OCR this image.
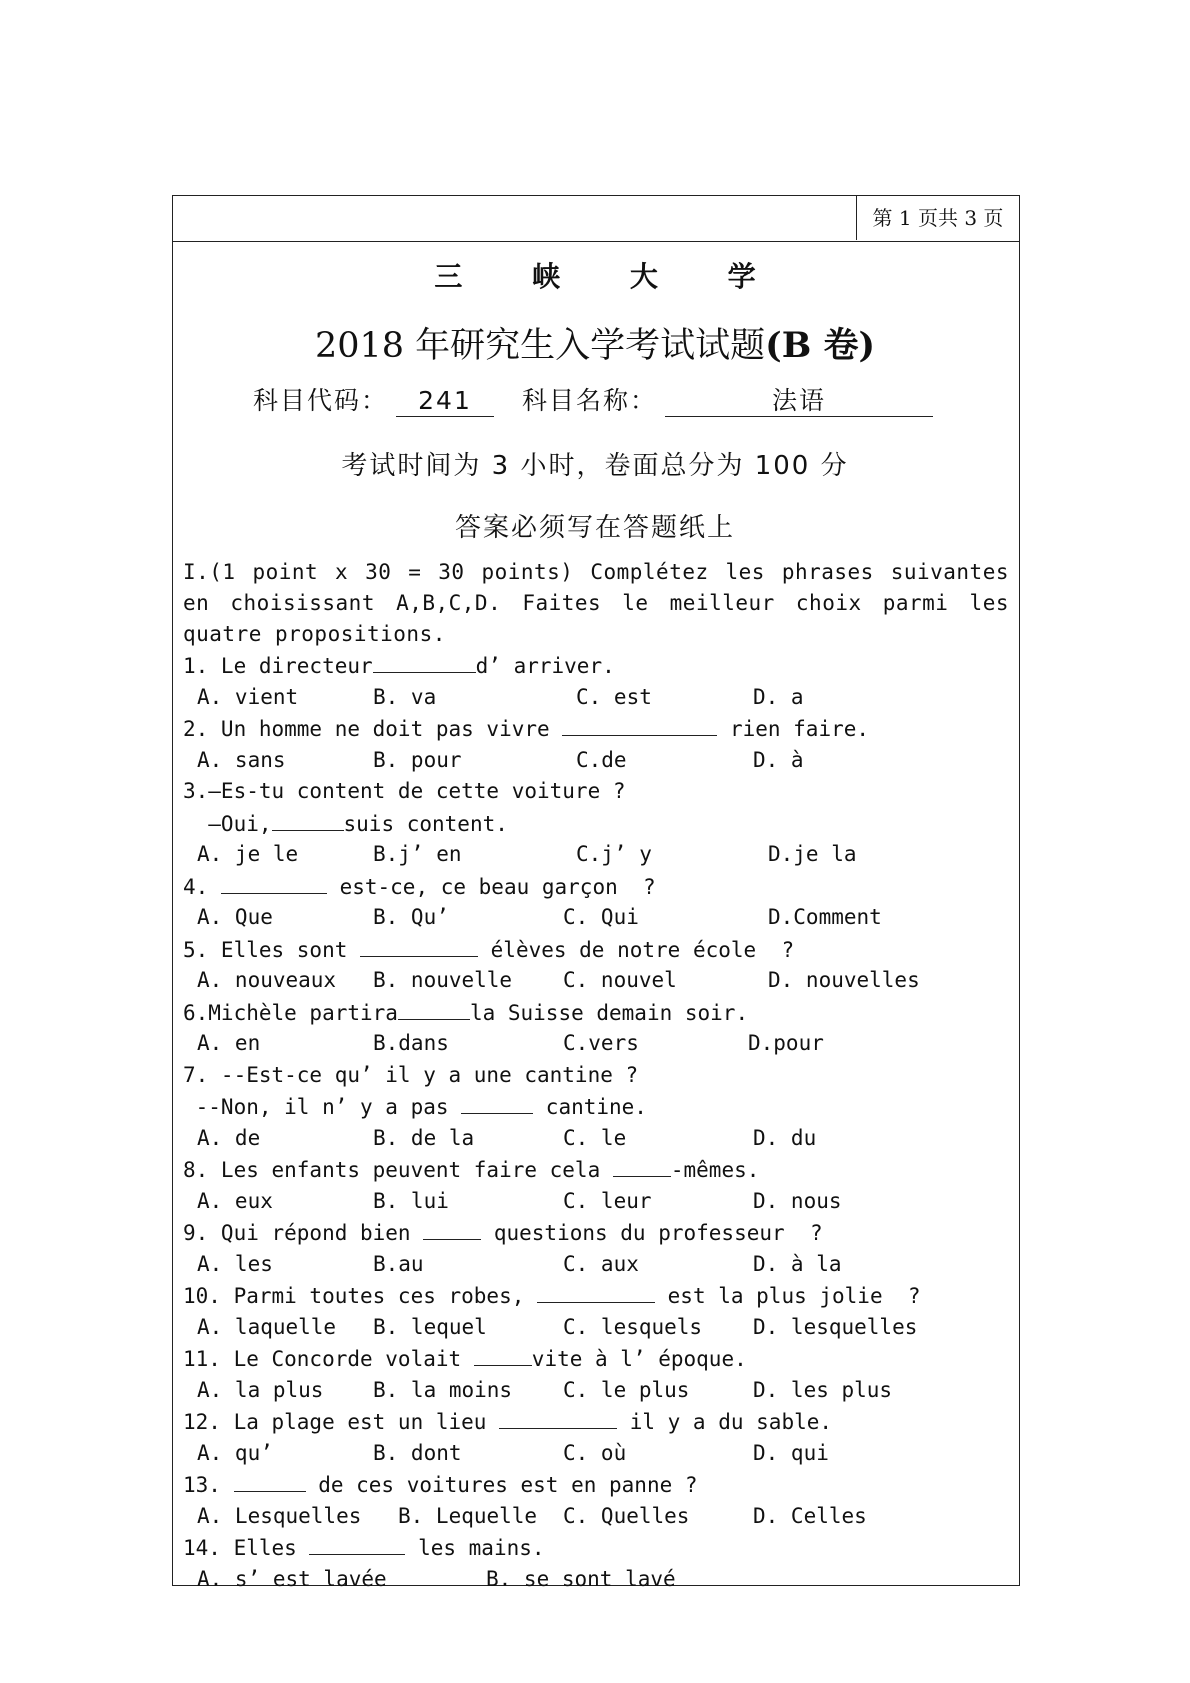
第 1 页共 3 页
三 峡 大 学
2018 年研究生入学考试试题(B 卷)
科目代码： 241 科目名称：	法语
考试时间为 3 小时，卷面总分为 100 分
答案必须写在答题纸上
I.(1 point x 30 = 30 points) Complétez les phrases suivantes en choisissant A,B,C,D. Faites le meilleur choix parmi les quatre propositions.
1. Le directeur	d’ arriver.
A. vient	B. va	C. est	D. a
2. Un homme ne doit pas vivre	rien faire.
A. sans	B. pour	C.de	D. à
3.—Es-tu content de cette voiture ?
—Oui,	suis content.
A. je le	B.j’ en	C.j’ y	D.je la
4.	est-ce, ce beau garçon  ?
A. Que	B. Qu’	C. Qui	D.Comment
5. Elles sont	élèves de notre école  ?
A. nouveaux B. nouvelle C. nouvel	D. nouvelles
6.Michèle partira	la Suisse demain soir.
A. en	B.dans	C.vers	D.pour
7. --Est-ce qu’ il y a une cantine ?
--Non, il n’ y a pas	cantine.
A. de	B. de la	C. le	D. du
8. Les enfants peuvent faire cela	-mêmes.
A. eux	B. lui	C. leur	D. nous
9. Qui répond bien	questions du professeur  ?
A. les	B.au	C. aux	D. à la
10. Parmi toutes ces robes,	est la plus jolie  ?
A. laquelle B. lequel	C. lesquels D. lesquelles
11. Le Concorde volait	vite à l’ époque.
A. la plus B. la moins C. le plus	D. les plus
12. La plage est un lieu	il y a du sable.
A. qu’	B. dont	C. où	D. qui
13.	de ces voitures est en panne ?
A. Lesquelles B. Lequelle C. Quelles	D. Celles
14. Elles	les mains.
A. s’ est lavée	B. se sont lavé
